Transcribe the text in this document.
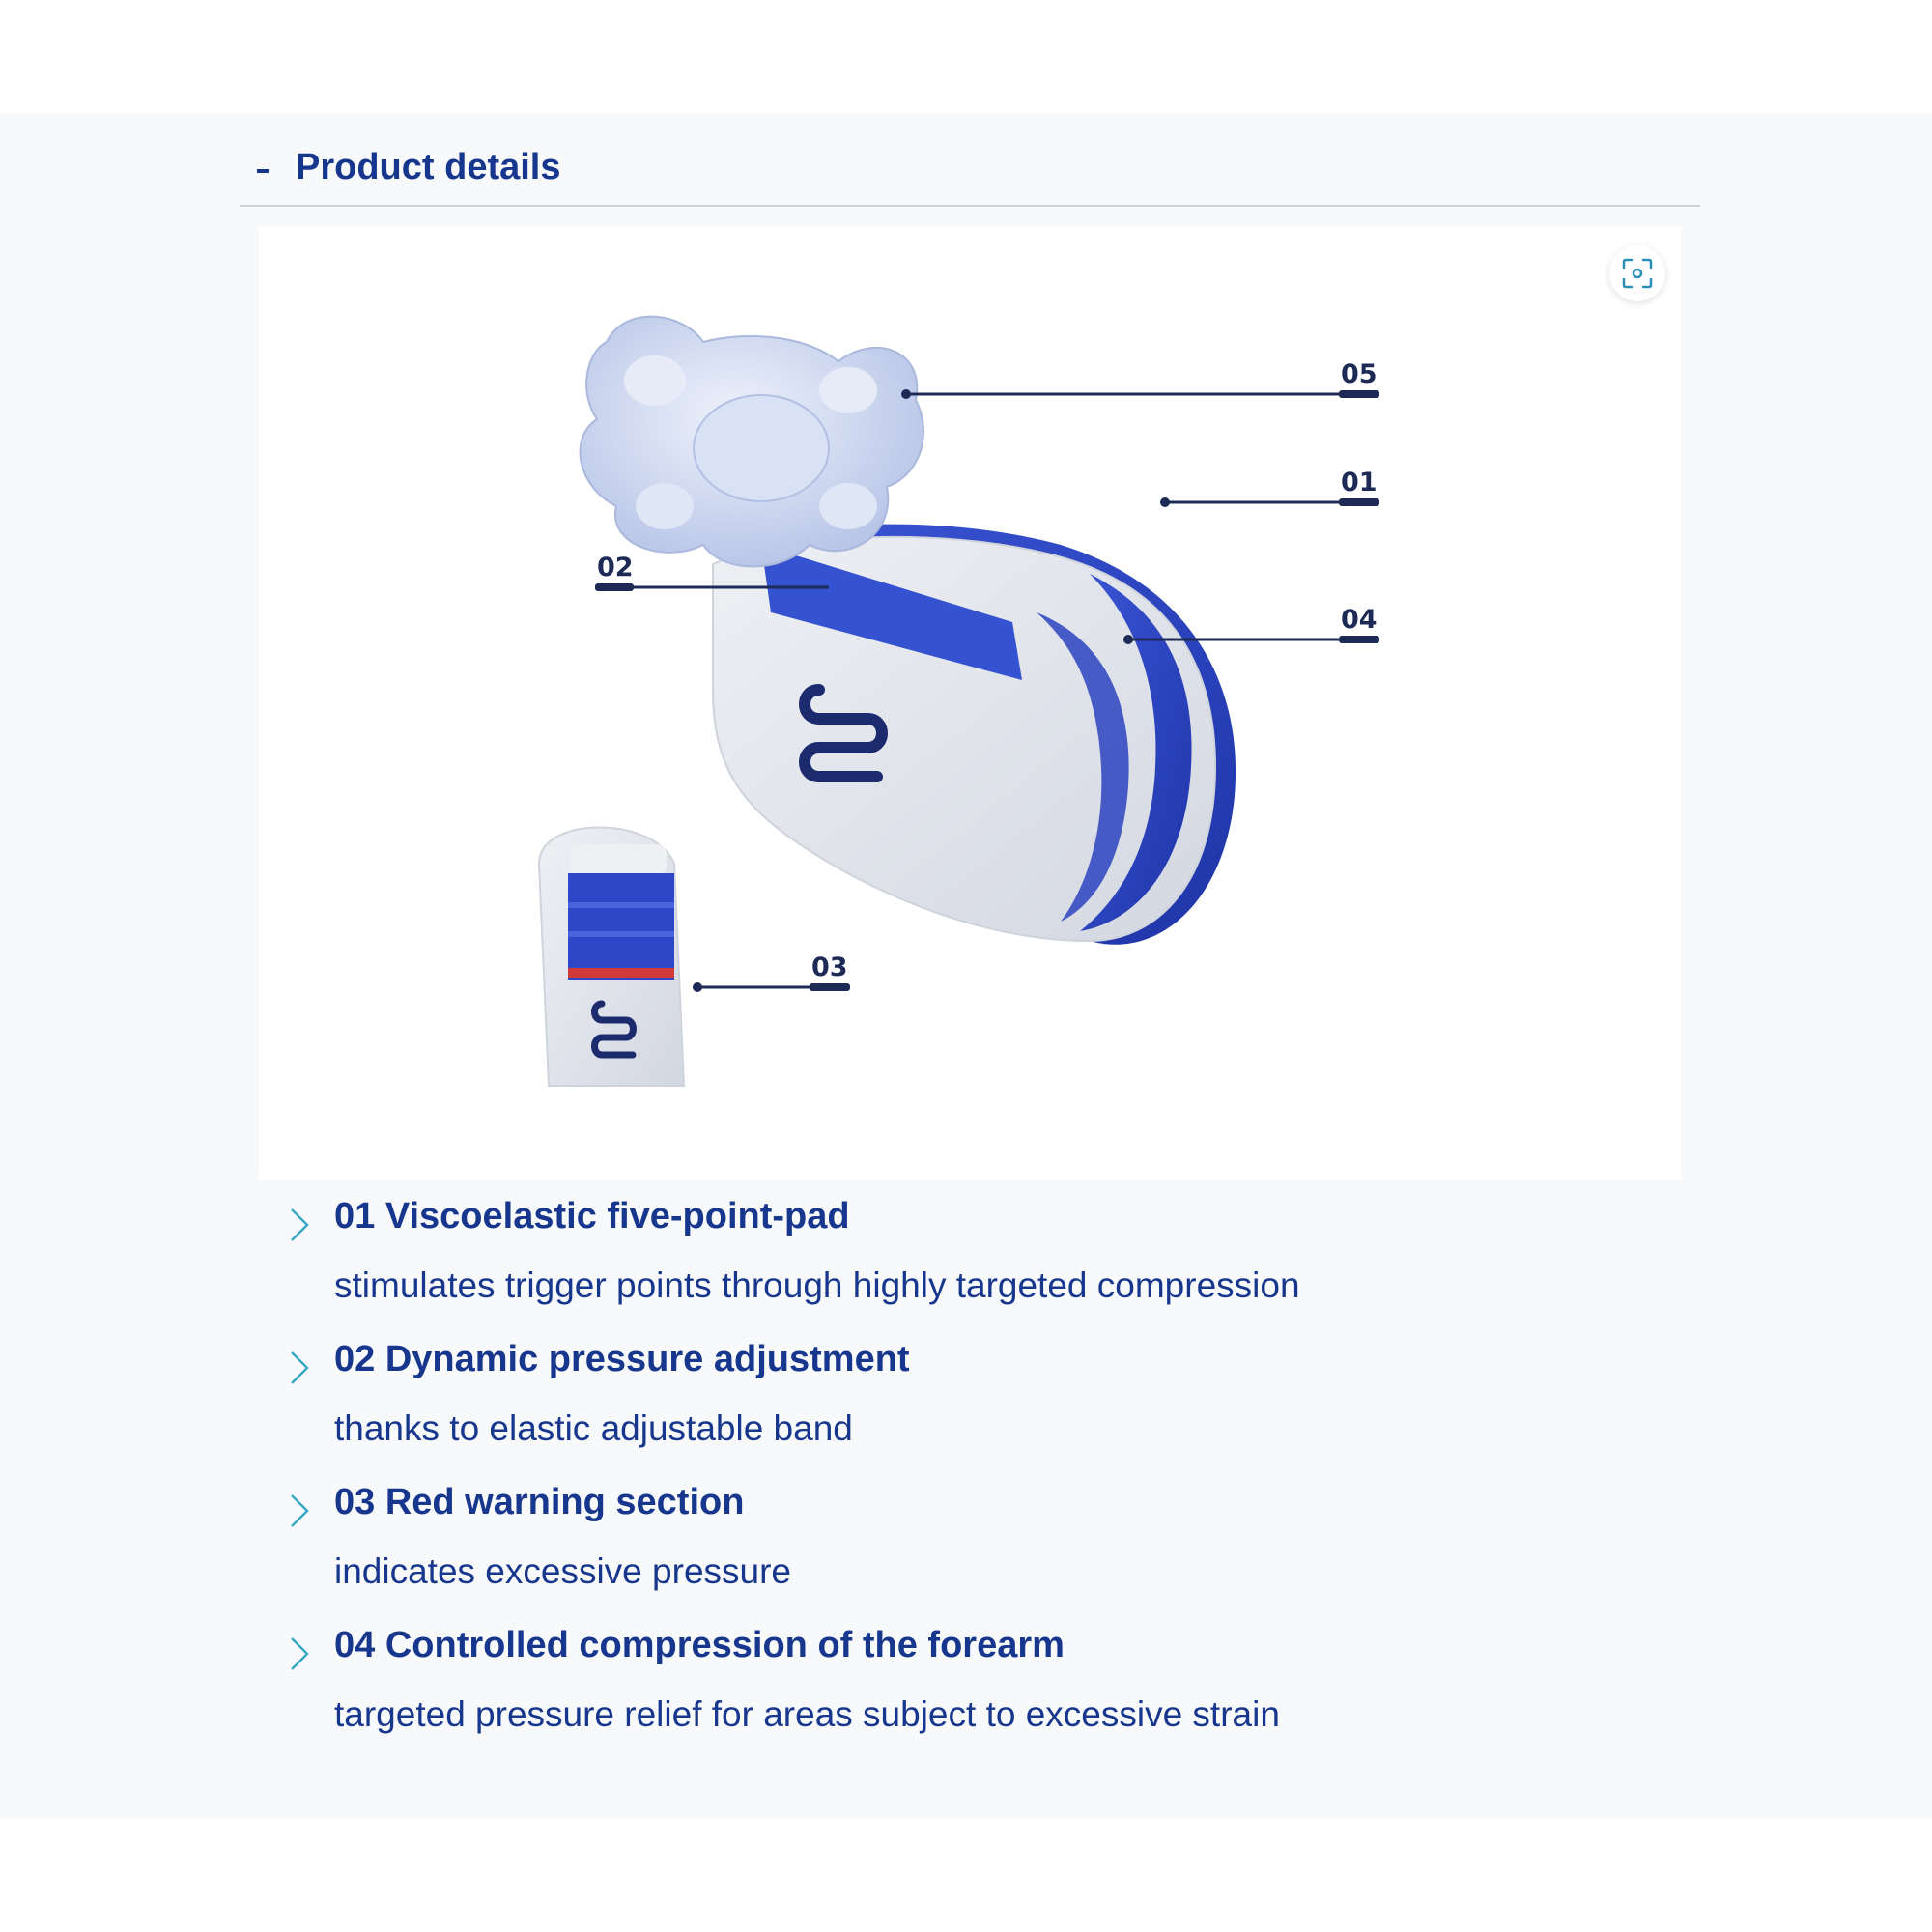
Product details
05
01
02
04
03
01 Viscoelastic five-point-pad
stimulates trigger points through highly targeted compression
02 Dynamic pressure adjustment
thanks to elastic adjustable band
03 Red warning section
indicates excessive pressure
04 Controlled compression of the forearm
targeted pressure relief for areas subject to excessive strain
